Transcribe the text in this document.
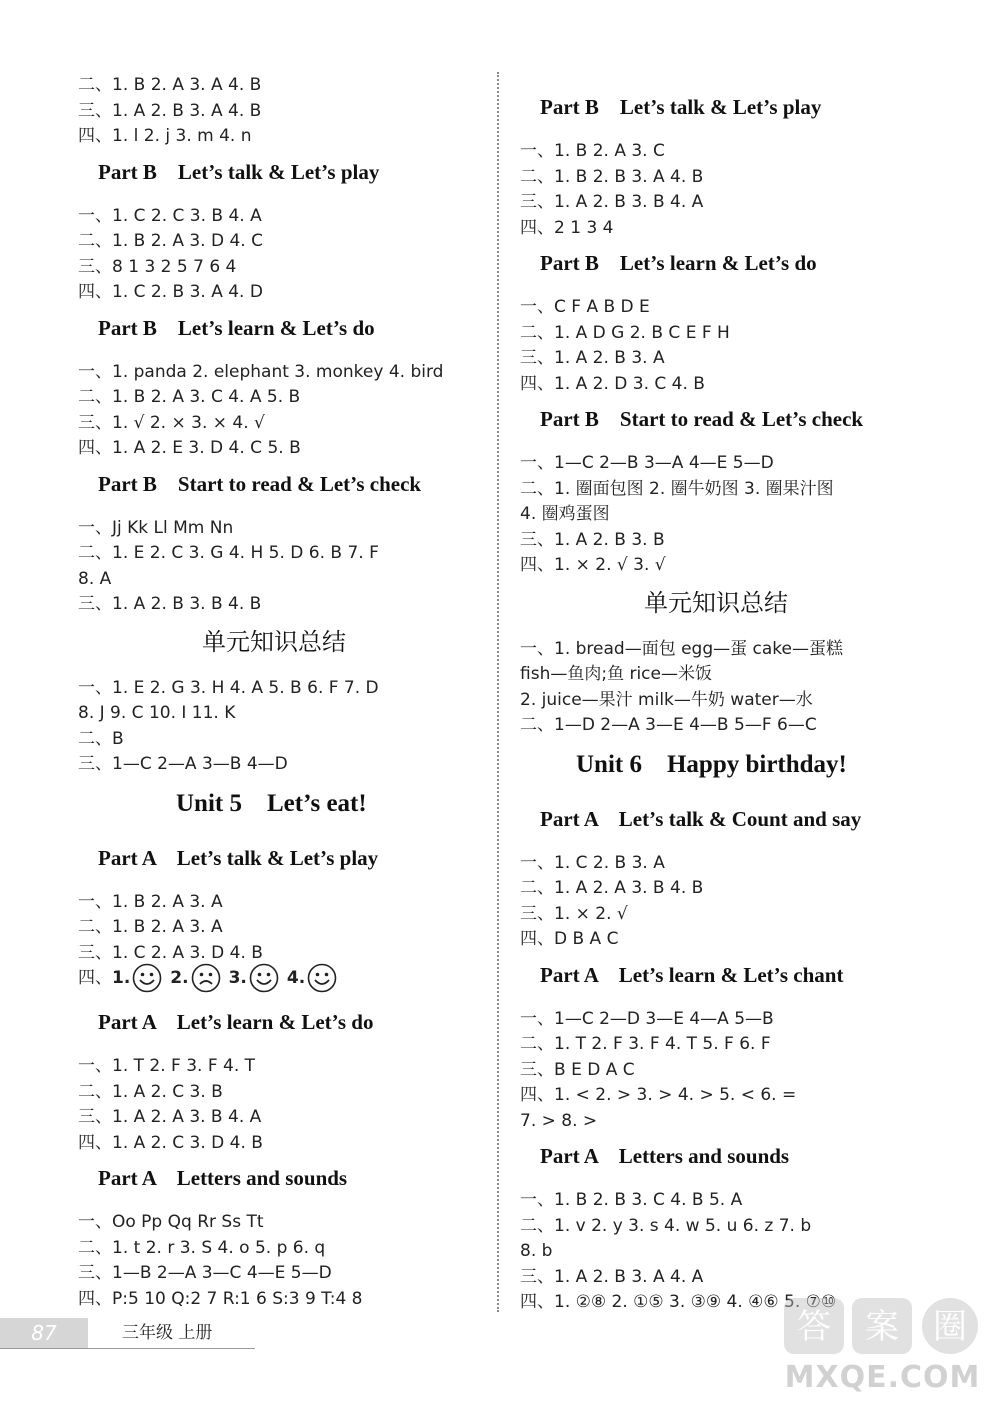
二、1. B 2. A 3. A 4. B
三、1. A 2. B 3. A 4. B
四、1. l 2. j 3. m 4. n
Part B    Let’s talk & Let’s play
一、1. C 2. C 3. B 4. A
二、1. B 2. A 3. D 4. C
三、8 1 3 2 5 7 6 4
四、1. C 2. B 3. A 4. D
Part B    Let’s learn & Let’s do
一、1. panda 2. elephant 3. monkey 4. bird
二、1. B 2. A 3. C 4. A 5. B
三、1. √ 2. × 3. × 4. √
四、1. A 2. E 3. D 4. C 5. B
Part B    Start to read & Let’s check
一、Jj Kk Ll Mm Nn
二、1. E 2. C 3. G 4. H 5. D 6. B 7. F
8. A
三、1. A 2. B 3. B 4. B
单元知识总结
一、1. E 2. G 3. H 4. A 5. B 6. F 7. D
8. J 9. C 10. I 11. K
二、B
三、1—C 2—A 3—B 4—D
Unit 5    Let’s eat!
Part A    Let’s talk & Let’s play
一、1. B 2. A 3. A
二、1. B 2. A 3. A
三、1. C 2. A 3. D 4. B
四、1. 2. 3. 4.
Part A    Let’s learn & Let’s do
一、1. T 2. F 3. F 4. T
二、1. A 2. C 3. B
三、1. A 2. A 3. B 4. A
四、1. A 2. C 3. D 4. B
Part A    Letters and sounds
一、Oo Pp Qq Rr Ss Tt
二、1. t 2. r 3. S 4. o 5. p 6. q
三、1—B 2—A 3—C 4—E 5—D
四、P:5 10 Q:2 7 R:1 6 S:3 9 T:4 8
Part B    Let’s talk & Let’s play
一、1. B 2. A 3. C
二、1. B 2. B 3. A 4. B
三、1. A 2. B 3. B 4. A
四、2 1 3 4
Part B    Let’s learn & Let’s do
一、C F A B D E
二、1. A D G 2. B C E F H
三、1. A 2. B 3. A
四、1. A 2. D 3. C 4. B
Part B    Start to read & Let’s check
一、1—C 2—B 3—A 4—E 5—D
二、1. 圈面包图 2. 圈牛奶图 3. 圈果汁图
4. 圈鸡蛋图
三、1. A 2. B 3. B
四、1. × 2. √ 3. √
单元知识总结
一、1. bread—面包 egg—蛋 cake—蛋糕
fish—鱼肉;鱼 rice—米饭
2. juice—果汁 milk—牛奶 water—水
二、1—D 2—A 3—E 4—B 5—F 6—C
Unit 6    Happy birthday!
Part A    Let’s talk & Count and say
一、1. C 2. B 3. A
二、1. A 2. A 3. B 4. B
三、1. × 2. √
四、D B A C
Part A    Let’s learn & Let’s chant
一、1—C 2—D 3—E 4—A 5—B
二、1. T 2. F 3. F 4. T 5. F 6. F
三、B E D A C
四、1. < 2. > 3. > 4. > 5. < 6. =
7. > 8. >
Part A    Letters and sounds
一、1. B 2. B 3. C 4. B 5. A
二、1. v 2. y 3. s 4. w 5. u 6. z 7. b
8. b
三、1. A 2. B 3. A 4. A
四、1. ②⑧ 2. ①⑤ 3. ③⑨ 4. ④⑥ 5. ⑦⑩
87	三年级 上册	答 案 圈
MXQE.COM
